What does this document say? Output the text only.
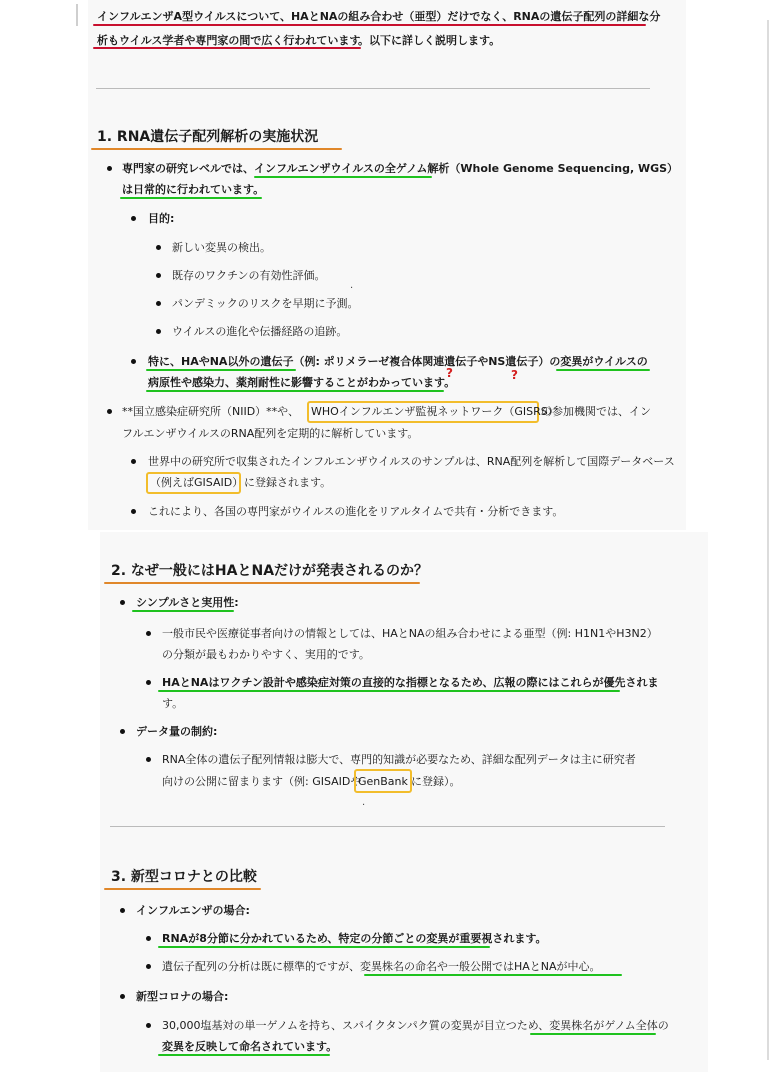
インフルエンザA型ウイルスについて、HAとNAの組み合わせ（亜型）だけでなく、RNAの遺伝子配列の詳細な分
析もウイルス学者や専門家の間で広く行われています
。以下に詳しく説明します。
1. RNA遺伝子配列解析の実施状況
専門家の研究レベルでは、インフルエンザウイルスの全ゲノム解析（Whole Genome Sequencing, WGS）
は日常的に行われています。
目的:
新しい変異の検出。
既存のワクチンの有効性評価。
パンデミックのリスクを早期に予測。
·
ウイルスの進化や伝播経路の追跡。
特に、HAやNA以外の遺伝子（例: ポリメラーゼ複合体関連遺伝子やNS遺伝子）の変異がウイルスの
?	?
病原性や感染力、薬剤耐性に影響することがわかっています。
**国立感染症研究所（NIID）**や、 WHOインフルエンザ監視ネットワーク（GISRS）
の参加機関では、イン
フルエンザウイルスのRNA配列を定期的に解析しています。
世界中の研究所で収集されたインフルエンザウイルスのサンプルは、RNA配列を解析して国際データベース
（例えばGISAID） に登録されます。
これにより、各国の専門家がウイルスの進化をリアルタイムで共有・分析できます。
2. なぜ一般にはHAとNAだけが発表されるのか？
シンプルさと実用性:
一般市民や医療従事者向けの情報としては、HAとNAの組み合わせによる亜型（例: H1N1やH3N2）
の分類が最もわかりやすく、実用的です。
HAとNAはワクチン設計や感染症対策の直接的な指標となるため、広報の際にはこれらが優先されま
す。
データ量の制約:
RNA全体の遺伝子配列情報は膨大で、専門的知識が必要なため、詳細な配列データは主に研究者
向けの公開に留まります（例: GISAIDや
GenBank に登録）。
·
3. 新型コロナとの比較
インフルエンザの場合:
RNAが8分節に分かれているため、特定の分節ごとの変異が重要視されます。
遺伝子配列の分析は既に標準的ですが、変異株名の命名や一般公開ではHAとNAが中心。
新型コロナの場合:
30,000塩基対の単一ゲノムを持ち、スパイクタンパク質の変異が目立つため、変異株名がゲノム全体の
変異を反映して命名されています。
